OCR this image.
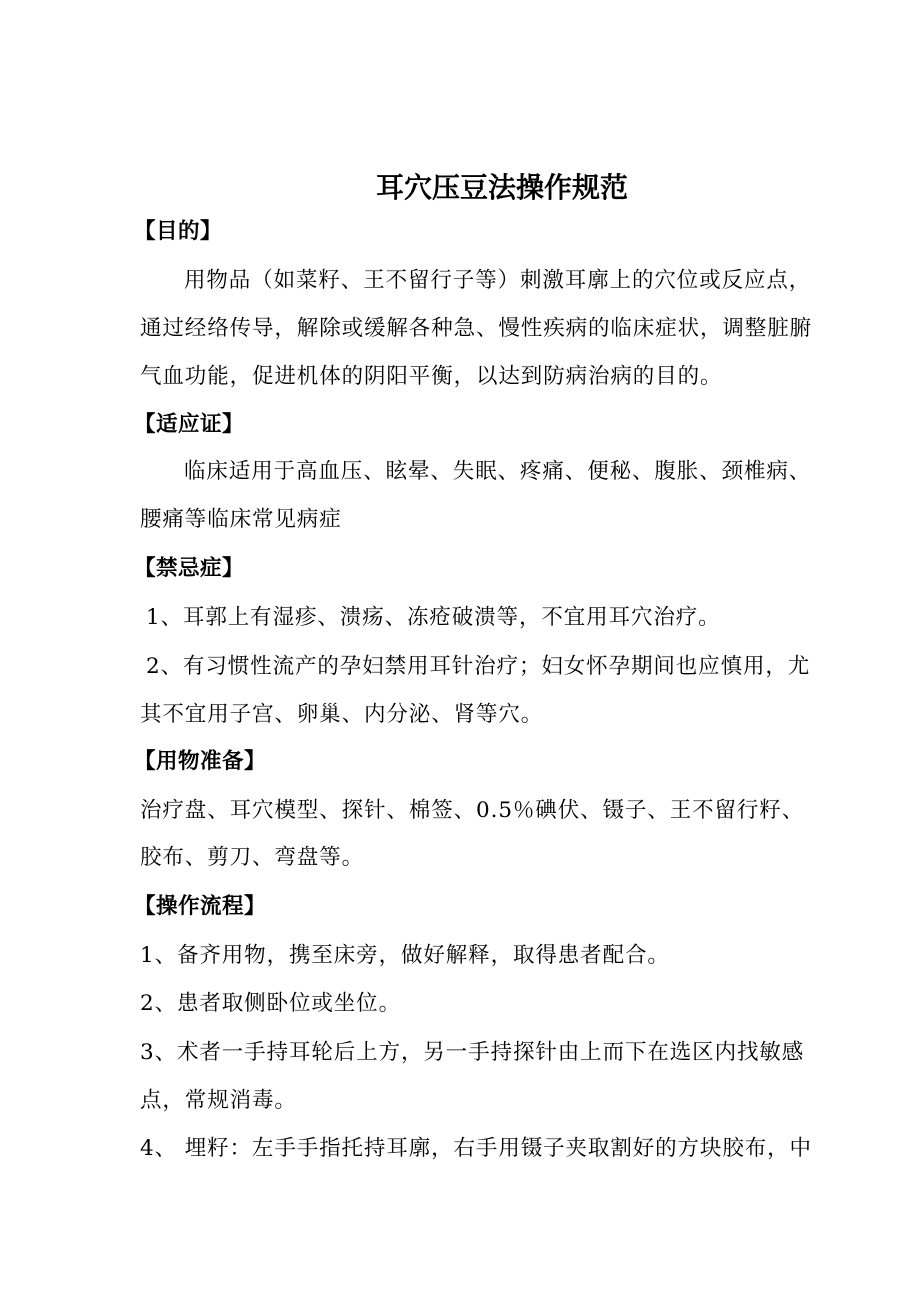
耳穴压豆法操作规范
【目的】
用物品（如菜籽、王不留行子等）刺激耳廓上的穴位或反应点，
通过经络传导，解除或缓解各种急、慢性疾病的临床症状，调整脏腑
气血功能，促进机体的阴阳平衡，以达到防病治病的目的。
【适应证】
临床适用于高血压、眩晕、失眠、疼痛、便秘、腹胀、颈椎病、
腰痛等临床常见病症
【禁忌症】
1、耳郭上有湿疹、溃疡、冻疮破溃等，不宜用耳穴治疗。
2、有习惯性流产的孕妇禁用耳针治疗；妇女怀孕期间也应慎用，尤
其不宜用子宫、卵巢、内分泌、肾等穴。
【用物准备】
治疗盘、耳穴模型、探针、棉签、0.5％碘伏、镊子、王不留行籽、
胶布、剪刀、弯盘等。
【操作流程】
1、备齐用物，携至床旁，做好解释，取得患者配合。
2、患者取侧卧位或坐位。
3、术者一手持耳轮后上方，另一手持探针由上而下在选区内找敏感
点，常规消毒。
4、 埋籽：左手手指托持耳廓，右手用镊子夹取割好的方块胶布，中
